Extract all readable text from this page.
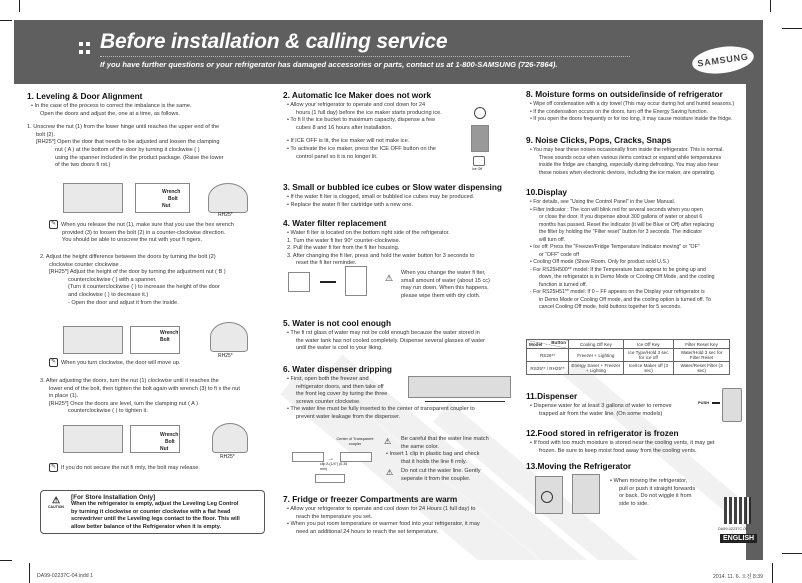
Before installation & calling service
If you have further questions or your refrigerator has damaged accessories or parts, contact us at 1-800-SAMSUNG (726-7864).	SAMSUNG
1. Leveling & Door Alignment
• In the case of the process to correct the imbalance is the same.
Open the doors and adjust the, one at a time, as follows.
1. Unscrew the nut (1) from the lower hinge until reaches the upper end of the
bolt (2).
[RH25*] Open the door that needs to be adjusted and loosen the clamping
nut ( A ) at the bottom of the door by turning it clockwise ( )
using the spanner included in the product package. (Raise the lower
of the two doors fi rst.)
Wrench
Bolt
Nut
RH25*
✎ When you release the nut (1), make sure that you use the hex wrench
provided (3) to loosen the bolt (2) in a counter-clockwise direction.
You should be able to unscrew the nut with your fi ngers.
2. Adjust the height difference between the doors by turning the bolt (2)
clockwise counter clockwise .
[RH25*] Adjust the height of the door by turning the adjustment nut ( B )
counterclockwise ( ) with a spanner.
(Turn it counterclockwise ( ) to increase the height of the door
and clockwise ( ) to decrease it.)
- Open the door and adjust it from the inside.
Wrench
Bolt
RH25*
✎ When you turn clockwise, the door will move up.
3. After adjusting the doors, turn the nut (1) clockwise until it reaches the
lower end of the bolt, then tighten the bolt again with wrench (3) to fi x the nut
in place (1).
[RH25*] Once the doors are level, turn the clamping nut ( A )
counterclockwise ( ) to tighten it.
Wrench
Bolt
Nut
RH25*
✎ If you do not secure the nut fi rmly, the bolt may release.
⚠
CAUTION
[For Store Installation Only]
When the refrigerator is empty, adjust the Leveling Leg Control
by turning it clockwise or counter clockwise with a flat head
screwdriver until the Leveling legs contact to the floor. This will
allow better balance of the Refrigerator when it is empty.
2. Automatic Ice Maker does not work
• Allow your refrigerator to operate and cool down for 24
hours (1 full day) before the ice maker starts producing ice.
• To fi ll the ice bucket to maximum capacity, dispense a few
cubes 8 and 16 hours after installation.
• If ICE OFF is lit, the ice maker will not make ice.
• To activate the ice maker, press the ICE OFF button on the
control panel so it is no longer lit.
Ice Off
3. Small or bubbled ice cubes or Slow water dispensing
• If the water fi lter is clogged, small or bubbled ice cubes may be produced.
• Replace the water fi lter cartridge with a new one.
4. Water filter replacement
• Water fi lter is located on the bottom right side of the refrigerator.
1. Turn the water fi lter 90° counter-clockwise.
2. Pull the water fi lter from the fi lter housing.
3. After changing the fi lter, press and hold the water button for 3 seconds to
reset the fi lter reminder.
⚠ When you change the water fi lter,
small amount of water (about 15 cc)
may run down. When this happens,
please wipe them with dry cloth.
5. Water is not cool enough
• The fi rst glass of water may not be cold enough because the water stored in
the water tank has not cooled completely. Dispense several glasses of water
until the water is cool to your liking.
6. Water dispenser dripping
• First, open both the freezer and
refrigerator doors, and then take off
the front leg cover by turing the three
screws counter clockwise.
• The water line must be fully inserted to the center of transparent coupler to
prevent water leakage from the dispenser.
Center of Transparent coupler
→
clip A (1/4") (6.35 mm)
⚠ Be careful that the water line match
the same color.
• Insert 1 clip in plastic bag and check
that it holds the line fi rmly.
⚠ Do not cut the water line. Gently
seperate it from the coupler.
7. Fridge or freezer Compartments are warm
• Allow your refrigerator to operate and cool down for 24 Hours (1 full day) to
reach the temperature you set.
• When you put room temperature or warmer food into your refrigerator, it may
need an additional 24 hours to reach the set temperature.
8. Moisture forms on outside/inside of refrigerator
• Wipe off condensation with a dry towel (This may occur during hot and humid seasons.)
• If the condensation occurs on the doors, turn off the Energy Saving function.
• If you open the doors frequently or for too long, it may cause moisture inside the fridge.
9. Noise Clicks, Pops, Cracks, Snaps
• You may hear these noises occasionally from inside the refrigerator. This is normal.
These sounds occur when various items contract or expand while temperatures
inside the fridge are changing, especially during defrosting. You may also hear
these noises when electronic devices, including the ice maker, are operating.
10.Display
• For details, see "Using the Control Panel" in the User Manual.
• Filter indicator : The icon will blink red for several seconds when you open
or close the door. If you dispense about 300 gallons of water or about 6
months has passed. Reset the indicator (it will be Blue or Off) after replacing
the filter by holding the "Filter reset" button for 3 seconds. The indicator
will turn off.
• Ice off: Press the "Freezer/Fridge Temperature Indicator moving" or "OF"
or "OFF" code off
• Cooling Off mode (Show Room. Only for product sold U.S.)
- For RS25H500** model: If the Temperature bars appear to be going up and
down, the refrigerator is in Demo Mode or Cooling Off Mode, and the cooling
function is turned off.
- For RS25H51** model: If 0 – FF appears on the Display your refrigerator is
in Demo Mode or Cooling Off mode, and the cooling option is turned off. To
cancel Cooling Off mode, hold buttons together for 5 seconds.
Model Button	Cooling Off Key	Ice Off Key	Filter Reset Key
RS26**	Freezer + Lighting	Ice Type/Hold 3 sec for ice off	Water/Hold 3 sec for Filter Reset
RS25** / RH25**	Energy Saver + Freezer + Lighting	Ice/Ice Maker off (3 sec)	Water/Reset Filter (3 sec)
11.Dispenser
• Dispense water for at least 3 gallons of water to remove
trapped air from the water line. (On some models)
PUSH
12.Food stored in refrigerator is frozen
• If food with too much moisture is stored near the cooling vents, it may get
frozen. Be sure to keep moist food away from the cooling vents.
13.Moving the Refrigerator
• When moving the refrigerator,
pull or push it straight forwards
or back. Do not wiggle it from
side to side.
DA99-02237C-05
ENGLISH
DA99-02237C-04.indd 1	2014. 11. 6. 오전 8:39
